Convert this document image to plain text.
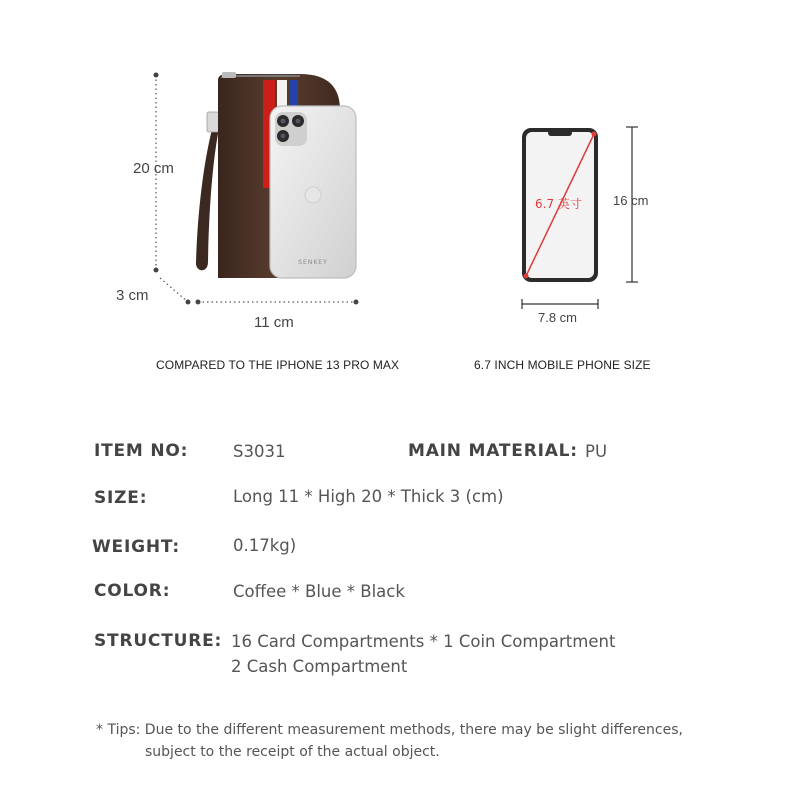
SENKEY
20 cm
3 cm
11 cm
COMPARED TO THE IPHONE 13 PRO MAX
6.7 英寸 16 cm
7.8 cm
6.7 INCH MOBILE PHONE SIZE
ITEM NO:	S3031	MAIN MATERIAL: PU
SIZE:	Long 11 * High 20 * Thick 3 (cm)
WEIGHT:	0.17kg)
COLOR:	Coffee * Blue * Black
STRUCTURE: 16 Card Compartments * 1 Coin Compartment
2 Cash Compartment
* Tips: Due to the different measurement methods, there may be slight differences,
subject to the receipt of the actual object.
